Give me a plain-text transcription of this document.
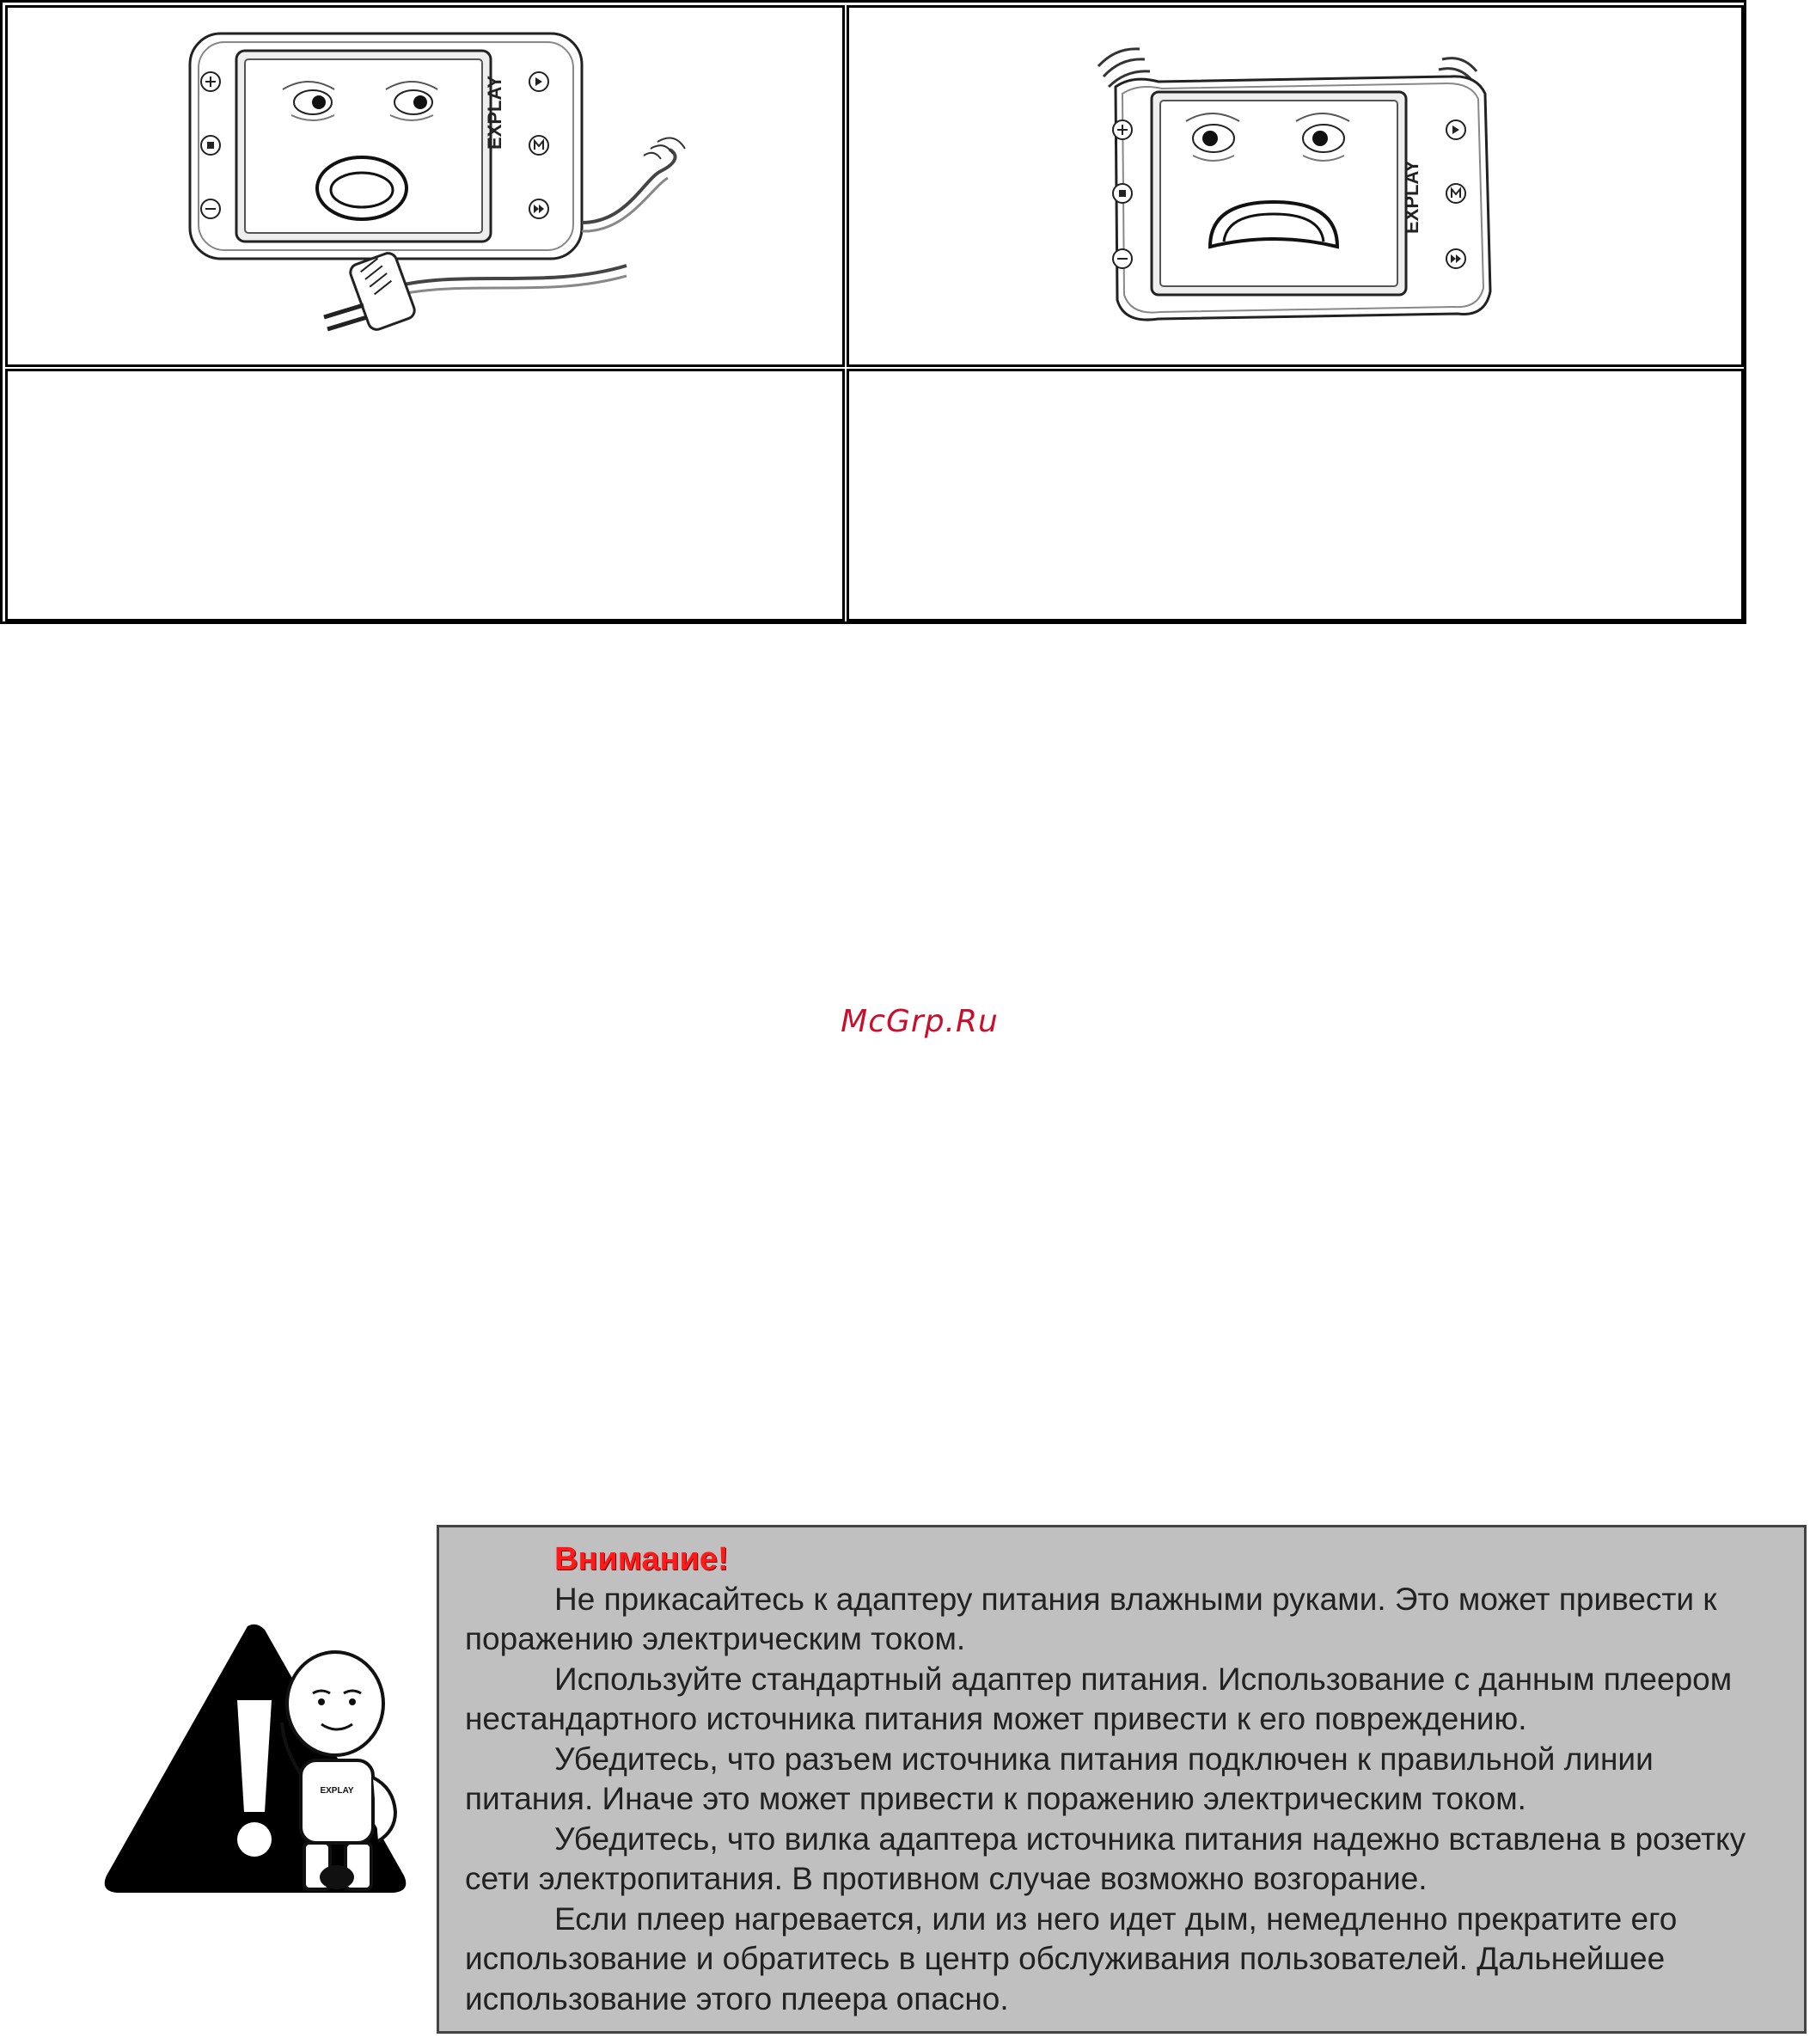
EXPLAY
EXPLAY
McGrp.Ru
EXPLAY
Внимание!

Не прикасайтесь к адаптеру питания влажными руками. Это может привести к поражению электрическим током.

Используйте стандартный адаптер питания. Использование с данным плеером нестандартного источника питания может привести к его повреждению.

Убедитесь, что разъем источника питания подключен к правильной линии питания. Иначе это может привести к поражению электрическим током.

Убедитесь, что вилка адаптера источника питания надежно вставлена в розетку сети электропитания. В противном случае возможно возгорание.

Если плеер нагревается, или из него идет дым, немедленно прекратите его использование и обратитесь в центр обслуживания пользователей. Дальнейшее использование этого плеера опасно.
